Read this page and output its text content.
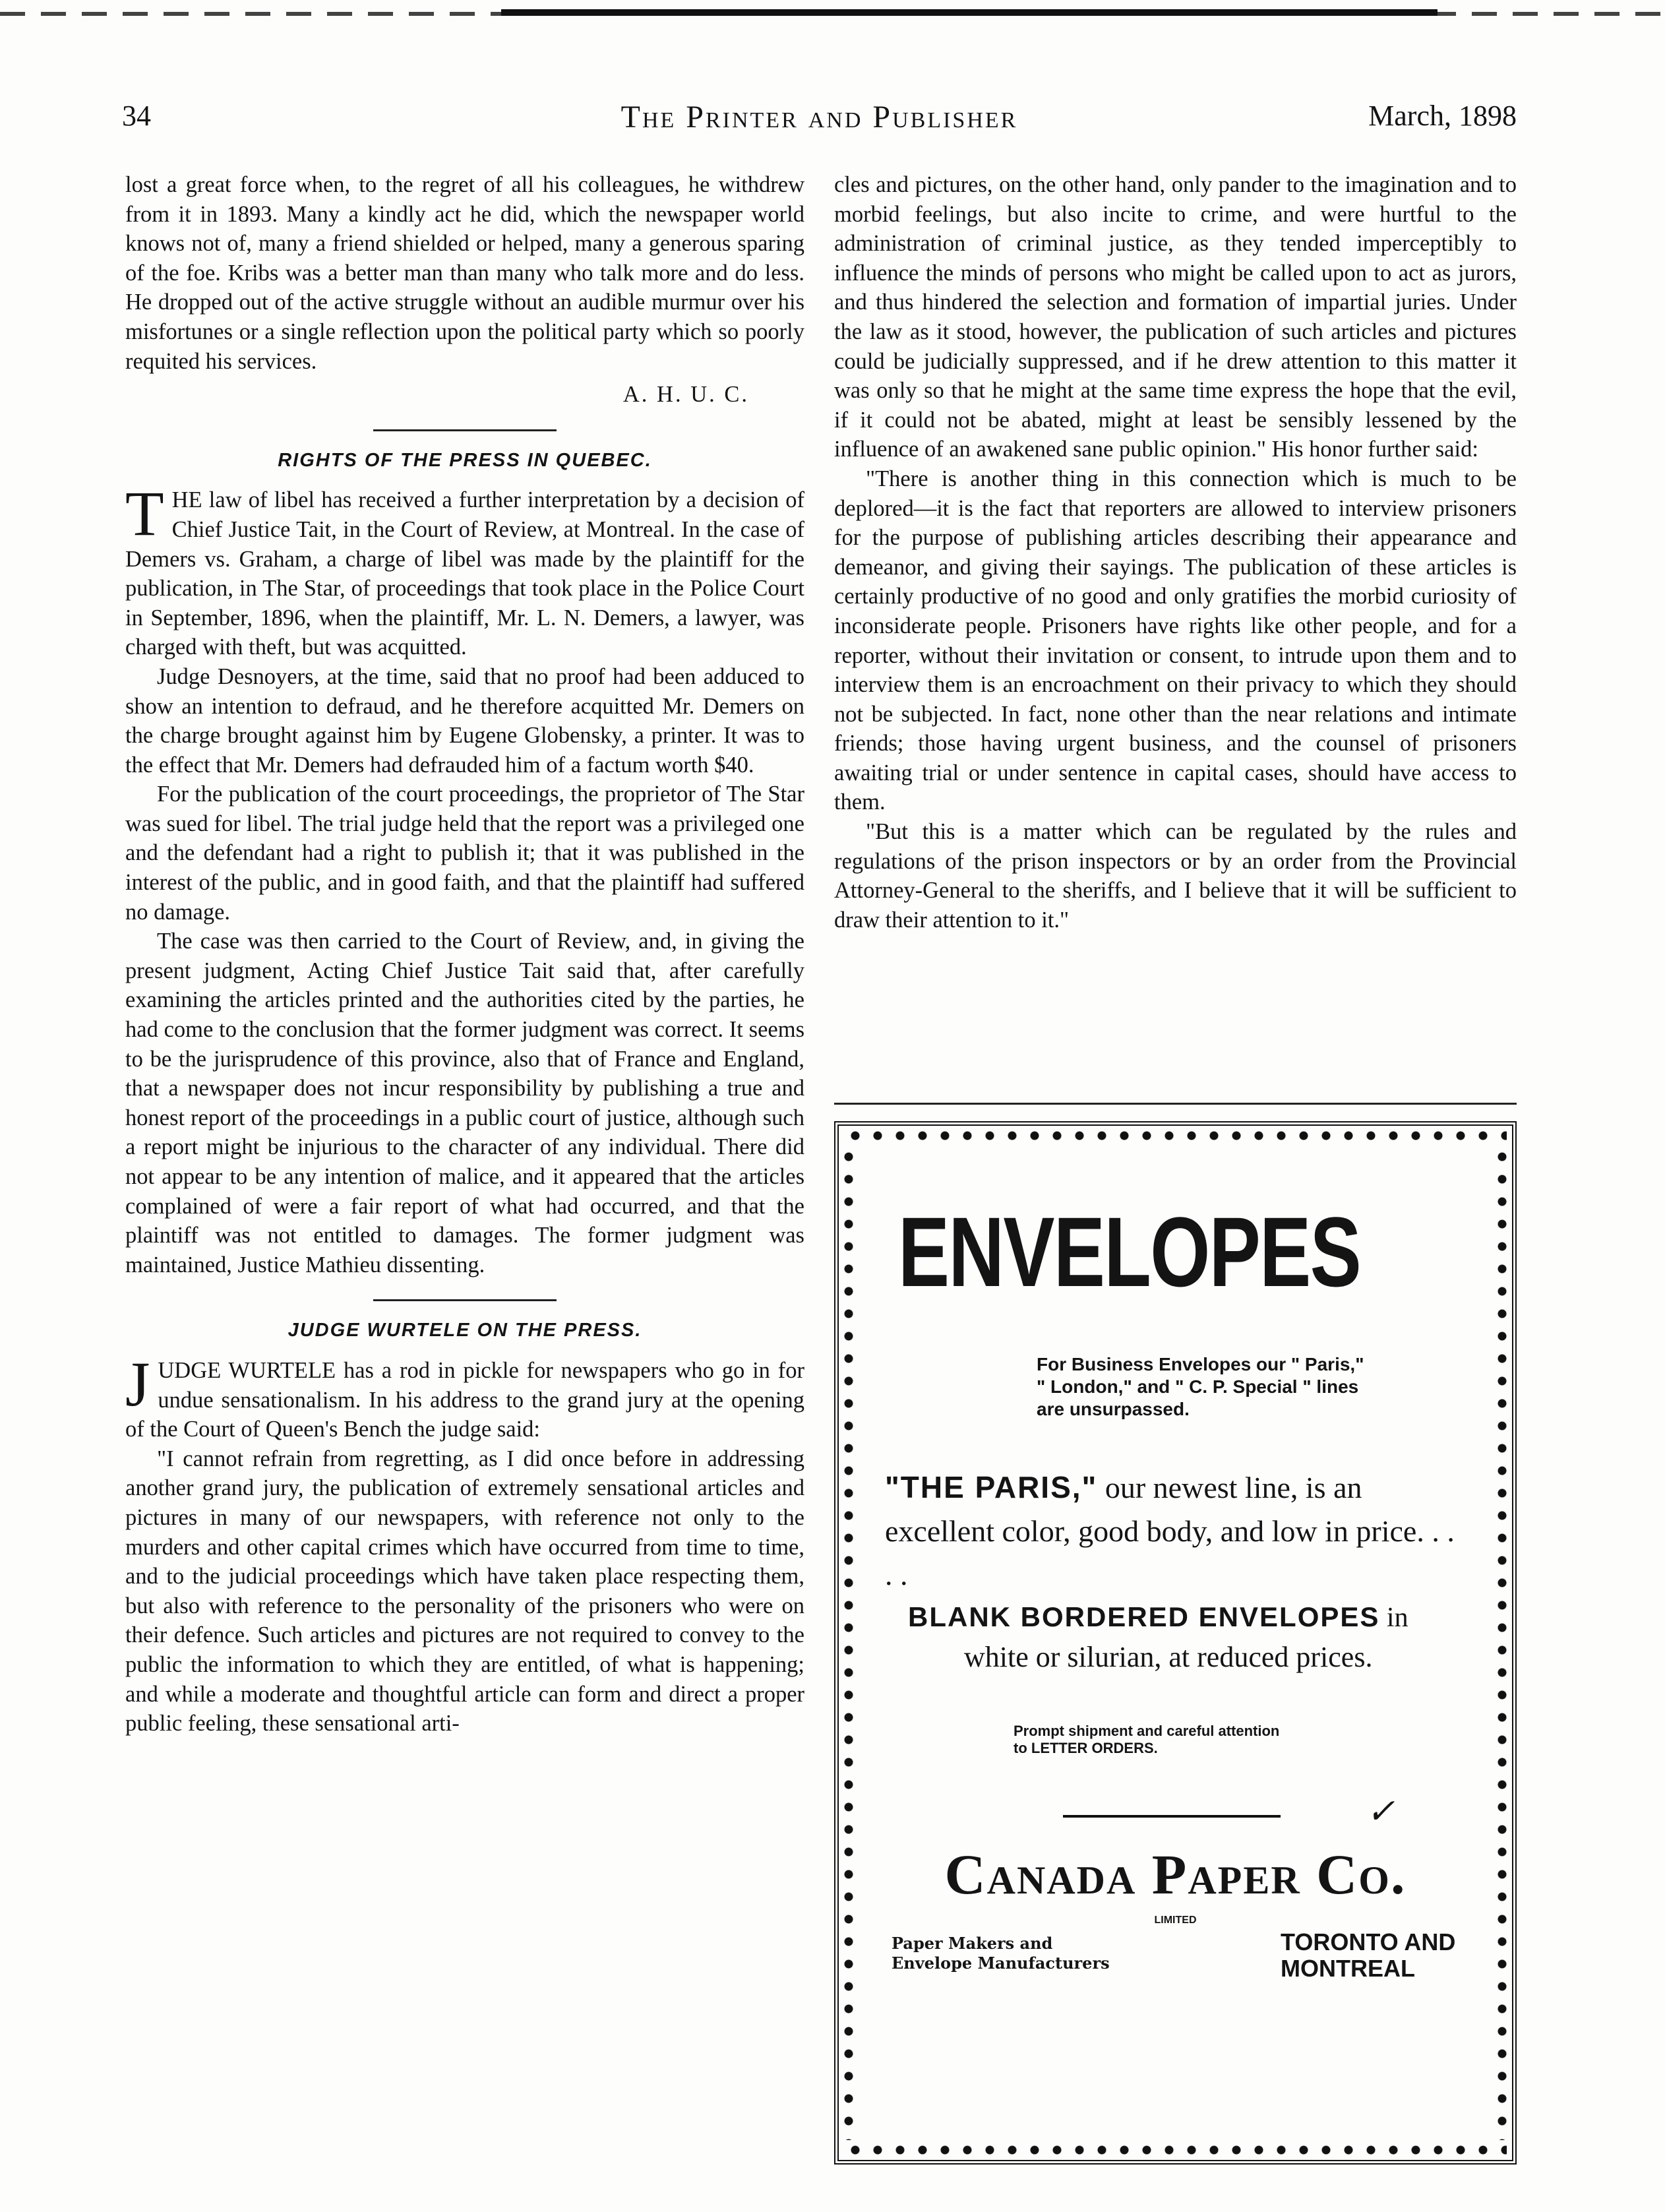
34	The Printer and Publisher	March, 1898

lost a great force when, to the regret of all his colleagues, he withdrew from it in 1893. Many a kindly act he did, which the newspaper world knows not of, many a friend shielded or helped, many a generous sparing of the foe. Kribs was a better man than many who talk more and do less. He dropped out of the active struggle without an audible murmur over his misfortunes or a single reflection upon the political party which so poorly requited his services.

A. H. U. C.
RIGHTS OF THE PRESS IN QUEBEC.

THE law of libel has received a further interpretation by a decision of Chief Justice Tait, in the Court of Review, at Montreal. In the case of Demers vs. Graham, a charge of libel was made by the plaintiff for the publication, in The Star, of proceedings that took place in the Police Court in September, 1896, when the plaintiff, Mr. L. N. Demers, a lawyer, was charged with theft, but was acquitted.

Judge Desnoyers, at the time, said that no proof had been adduced to show an intention to defraud, and he therefore acquitted Mr. Demers on the charge brought against him by Eugene Globensky, a printer. It was to the effect that Mr. Demers had defrauded him of a factum worth $40.

For the publication of the court proceedings, the proprietor of The Star was sued for libel. The trial judge held that the report was a privileged one and the defendant had a right to publish it; that it was published in the interest of the public, and in good faith, and that the plaintiff had suffered no damage.

The case was then carried to the Court of Review, and, in giving the present judgment, Acting Chief Justice Tait said that, after carefully examining the articles printed and the authorities cited by the parties, he had come to the conclusion that the former judgment was correct. It seems to be the jurisprudence of this province, also that of France and England, that a newspaper does not incur responsibility by publishing a true and honest report of the proceedings in a public court of justice, although such a report might be injurious to the character of any individual. There did not appear to be any intention of malice, and it appeared that the articles complained of were a fair report of what had occurred, and that the plaintiff was not entitled to damages. The former judgment was maintained, Justice Mathieu dissenting.

JUDGE WURTELE ON THE PRESS.

JUDGE WURTELE has a rod in pickle for newspapers who go in for undue sensationalism. In his address to the grand jury at the opening of the Court of Queen's Bench the judge said:

"I cannot refrain from regretting, as I did once before in addressing another grand jury, the publication of extremely sensational articles and pictures in many of our newspapers, with reference not only to the murders and other capital crimes which have occurred from time to time, and to the judicial proceedings which have taken place respecting them, but also with reference to the personality of the prisoners who were on their defence. Such articles and pictures are not required to convey to the public the information to which they are entitled, of what is happening; and while a moderate and thoughtful article can form and direct a proper public feeling, these sensational arti-

cles and pictures, on the other hand, only pander to the imagination and to morbid feelings, but also incite to crime, and were hurtful to the administration of criminal justice, as they tended imperceptibly to influence the minds of persons who might be called upon to act as jurors, and thus hindered the selection and formation of impartial juries. Under the law as it stood, however, the publication of such articles and pictures could be judicially suppressed, and if he drew attention to this matter it was only so that he might at the same time express the hope that the evil, if it could not be abated, might at least be sensibly lessened by the influence of an awakened sane public opinion." His honor further said:

"There is another thing in this connection which is much to be deplored—it is the fact that reporters are allowed to interview prisoners for the purpose of publishing articles describing their appearance and demeanor, and giving their sayings. The publication of these articles is certainly productive of no good and only gratifies the morbid curiosity of inconsiderate people. Prisoners have rights like other people, and for a reporter, without their invitation or consent, to intrude upon them and to interview them is an encroachment on their privacy to which they should not be subjected. In fact, none other than the near relations and intimate friends; those having urgent business, and the counsel of prisoners awaiting trial or under sentence in capital cases, should have access to them.

"But this is a matter which can be regulated by the rules and regulations of the prison inspectors or by an order from the Provincial Attorney-General to the sheriffs, and I believe that it will be sufficient to draw their attention to it."

ENVELOPES
For Business Envelopes our " Paris,"
" London," and " C. P. Special " lines
are unsurpassed.
"THE PARIS," our newest line, is an excellent color, good body, and low in price. . . . .
BLANK BORDERED ENVELOPES in
white or silurian, at reduced prices.
Prompt shipment and careful attention
to LETTER ORDERS.
✓
Canada Paper Co.
LIMITED
Paper Makers and
Envelope Manufacturers
TORONTO AND
MONTREAL
